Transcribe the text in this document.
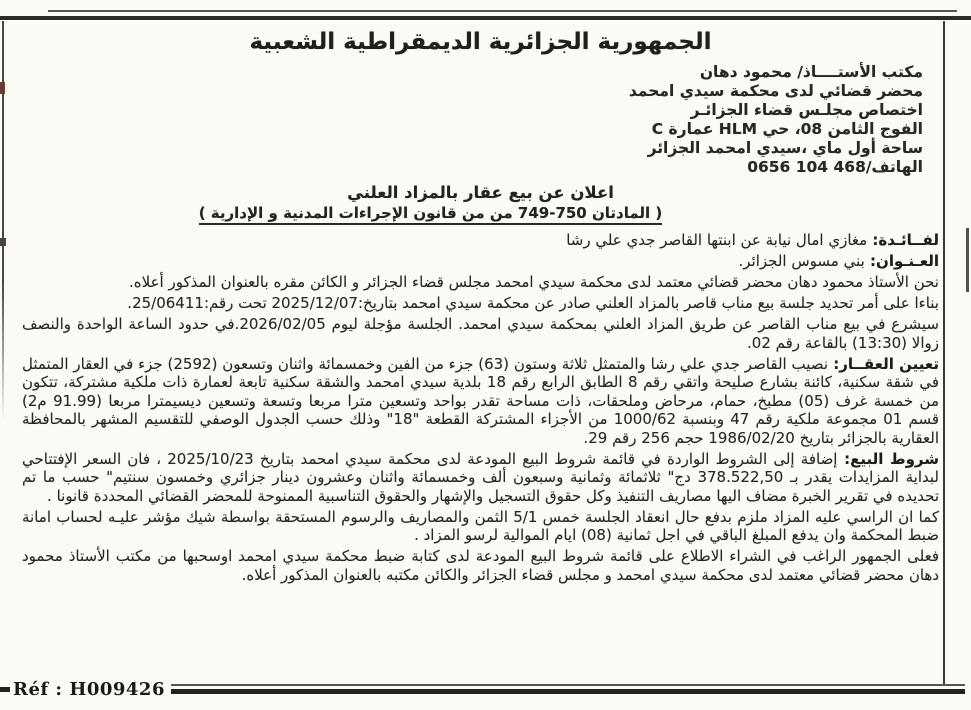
الجمهورية الجزائرية الديمقراطية الشعبية
مكتب الأستــــاذ/ محمود دهان
محضر قضائي لدى محكمة سيدي امحمد
اختصاص مجلـس قضاء الجزائـر
الفوج الثامن 08، حي HLM عمارة C
ساحة أول ماي ،سيدي امحمد الجزائر
الهاتف/468 104 0656
اعلان عن بيع عقار بالمزاد العلني
( المادتان 750-749 من من قانون الإجراءات المدنية و الإدارية )

لفــائـدة: مغازي امال نيابة عن ابنتها القاصر جدي علي رشا

العـنـوان: بني مسوس الجزائر.

نحن الأستاذ محمود دهان محضر قضائي معتمد لدى محكمة سيدي امحمد مجلس قضاء الجزائر و الكائن مقره بالعنوان المذكور أعلاه.

بناءا على أمر تحديد جلسة بيع مناب قاصر بالمزاد العلني صادر عن محكمة سيدي امحمد بتاريخ:2025/12/07 تحت رقم:25/06411.

سيشرع في بيع مناب القاصر عن طريق المزاد العلني بمحكمة سيدي امحمد. الجلسة مؤجلة ليوم 2026/02/05.في حدود الساعة الواحدة والنصف زوالا (13:30) بالقاعة رقم 02.

تعيين العقــار: نصيب القاصر جدي علي رشا والمتمثل ثلاثة وستون (63) جزء من الفين وخمسمائة واثنان وتسعون (2592) جزء في العقار المتمثل في شقة سكنية، كائنة بشارع صليحة واتقي رقم 8 الطابق الرابع رقم 18 بلدية سيدي امحمد والشقة سكنية تابعة لعمارة ذات ملكية مشتركة، تتكون من خمسة غرف (05) مطبخ، حمام، مرحاض وملحقات، ذات مساحة تقدر بواحد وتسعين مترا مربعا وتسعة وتسعين ديسيمترا مربعا (91.99 م2) قسم 01 مجموعة ملكية رقم 47 وبنسبة 1000/62 من الأجزاء المشتركة القطعة "18" وذلك حسب الجدول الوصفي للتقسيم المشهر بالمحافظة العقارية بالجزائر بتاريخ 1986/02/20 حجم 256 رقم 29.

شروط البيع: إضافة إلى الشروط الواردة في قائمة شروط البيع المودعة لدى محكمة سيدي امحمد بتاريخ 2025/10/23 ، فان السعر الإفتتاحي لبداية المزايدات يقدر بـ 378.522,50 دج" ثلاثمائة وثمانية وسبعون ألف وخمسمائة واثنان وعشرون دينار جزائري وخمسون سنتيم" حسب ما تم تحديده في تقرير الخبرة مضاف اليها مصاريف التنفيذ وكل حقوق التسجيل والإشهار والحقوق التناسبية الممنوحة للمحضر القضائي المحددة قانونا .

كما ان الراسي عليه المزاد ملزم بدفع حال انعقاد الجلسة خمس 5/1 الثمن والمصاريف والرسوم المستحقة بواسطة شيك مؤشر عليـه لحساب امانة ضبط المحكمة وان يدفع المبلغ الباقي في اجل ثمانية (08) ايام الموالية لرسو المزاد .

فعلى الجمهور الراغب في الشراء الاطلاع على قائمة شروط البيع المودعة لدى كتابة ضبط محكمة سيدي امحمد اوسحبها من مكتب الأستاذ محمود دهان محضر قضائي معتمد لدى محكمة سيدي امحمد و مجلس قضاء الجزائر والكائن مكتبه بالعنوان المذكور أعلاه.

Réf : H009426
